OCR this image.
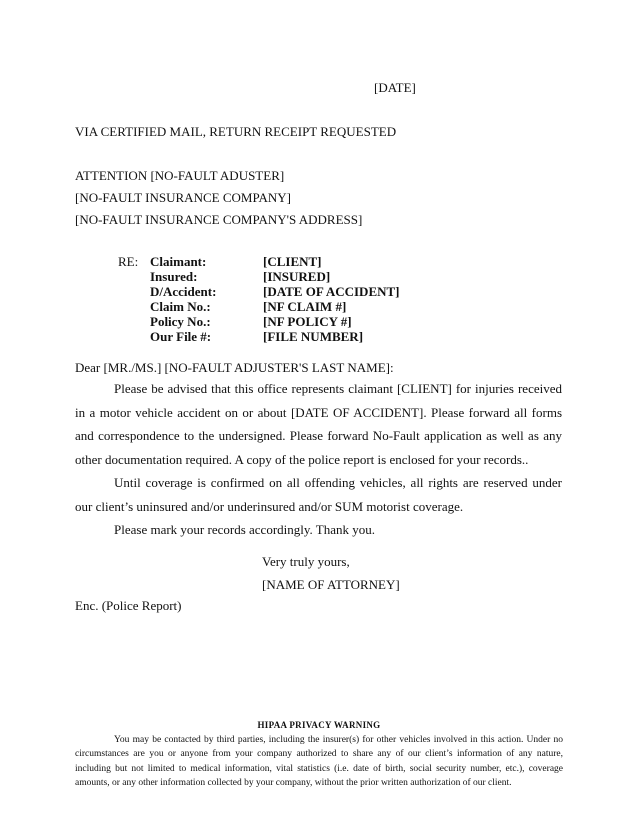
[DATE]
VIA CERTIFIED MAIL, RETURN RECEIPT REQUESTED
ATTENTION [NO-FAULT ADUSTER]
[NO-FAULT INSURANCE COMPANY]
[NO-FAULT INSURANCE COMPANY'S ADDRESS]
RE: Claimant:	[CLIENT]
Insured:	[INSURED]
D/Accident:	[DATE OF ACCIDENT]
Claim No.:	[NF CLAIM #]
Policy No.:	[NF POLICY #]
Our File #:	[FILE NUMBER]
Dear [MR./MS.] [NO-FAULT ADJUSTER'S LAST NAME]:

Please be advised that this office represents claimant [CLIENT] for injuries received in a motor vehicle accident on or about [DATE OF ACCIDENT]. Please forward all forms and correspondence to the undersigned. Please forward No-Fault application as well as any other documentation required. A copy of the police report is enclosed for your records..

Until coverage is confirmed on all offending vehicles, all rights are reserved under our client’s uninsured and/or underinsured and/or SUM motorist coverage.

Please mark your records accordingly. Thank you.

Very truly yours,
[NAME OF ATTORNEY]
Enc. (Police Report)
HIPAA PRIVACY WARNING

You may be contacted by third parties, including the insurer(s) for other vehicles involved in this action. Under no circumstances are you or anyone from your company authorized to share any of our client’s information of any nature, including but not limited to medical information, vital statistics (i.e. date of birth, social security number, etc.), coverage amounts, or any other information collected by your company, without the prior written authorization of our client.
